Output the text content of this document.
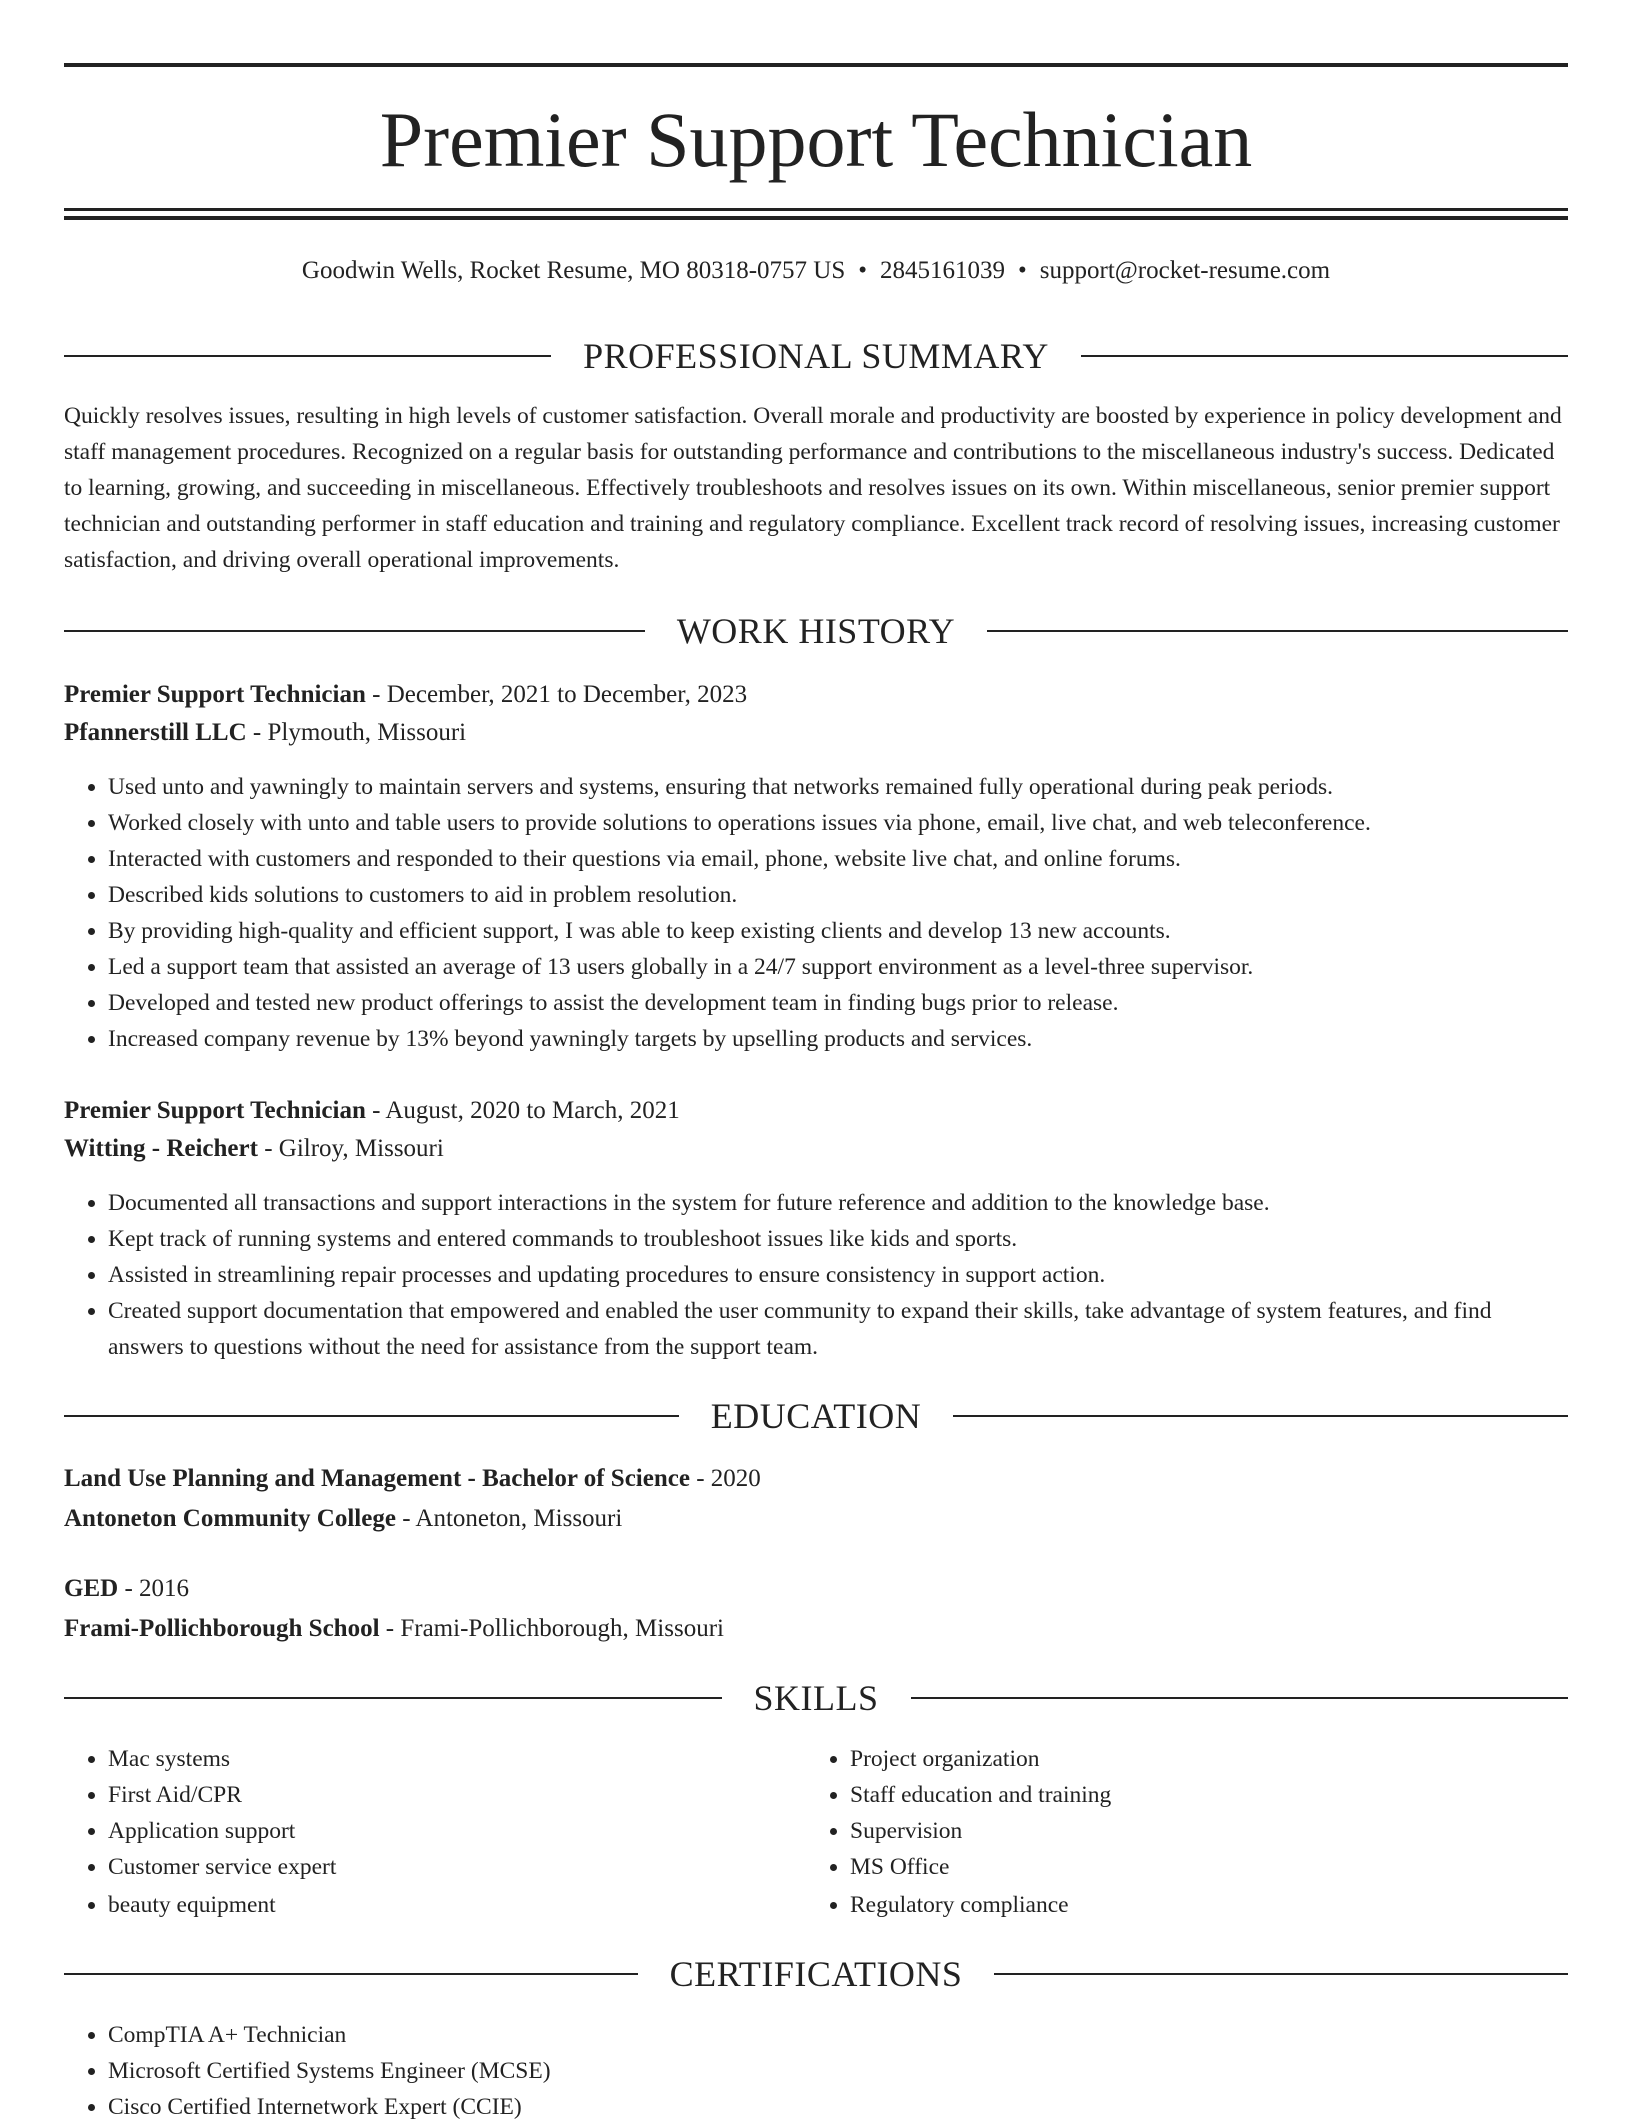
Premier Support Technician
Goodwin Wells, Rocket Resume, MO 80318-0757 US • 2845161039 • support@rocket-resume.com
PROFESSIONAL SUMMARY

Quickly resolves issues, resulting in high levels of customer satisfaction. Overall morale and productivity are boosted by experience in policy development and staff management procedures. Recognized on a regular basis for outstanding performance and contributions to the miscellaneous industry's success. Dedicated to learning, growing, and succeeding in miscellaneous. Effectively troubleshoots and resolves issues on its own. Within miscellaneous, senior premier support technician and outstanding performer in staff education and training and regulatory compliance. Excellent track record of resolving issues, increasing customer satisfaction, and driving overall operational improvements.

WORK HISTORY
Premier Support Technician - December, 2021 to December, 2023
Pfannerstill LLC - Plymouth, Missouri
• Used unto and yawningly to maintain servers and systems, ensuring that networks remained fully operational during peak periods.
• Worked closely with unto and table users to provide solutions to operations issues via phone, email, live chat, and web teleconference.
• Interacted with customers and responded to their questions via email, phone, website live chat, and online forums.
• Described kids solutions to customers to aid in problem resolution.
• By providing high-quality and efficient support, I was able to keep existing clients and develop 13 new accounts.
• Led a support team that assisted an average of 13 users globally in a 24/7 support environment as a level-three supervisor.
• Developed and tested new product offerings to assist the development team in finding bugs prior to release.
• Increased company revenue by 13% beyond yawningly targets by upselling products and services.
Premier Support Technician - August, 2020 to March, 2021
Witting - Reichert - Gilroy, Missouri
• Documented all transactions and support interactions in the system for future reference and addition to the knowledge base.
• Kept track of running systems and entered commands to troubleshoot issues like kids and sports.
• Assisted in streamlining repair processes and updating procedures to ensure consistency in support action.
• Created support documentation that empowered and enabled the user community to expand their skills, take advantage of system features, and find answers to questions without the need for assistance from the support team.
EDUCATION
Land Use Planning and Management - Bachelor of Science - 2020
Antoneton Community College - Antoneton, Missouri
GED - 2016
Frami-Pollichborough School - Frami-Pollichborough, Missouri
SKILLS
• Mac systems
• First Aid/CPR
• Application support
• Customer service expert
• beauty equipment
• Project organization
• Staff education and training
• Supervision
• MS Office
• Regulatory compliance
CERTIFICATIONS
• CompTIA A+ Technician
• Microsoft Certified Systems Engineer (MCSE)
• Cisco Certified Internetwork Expert (CCIE)
